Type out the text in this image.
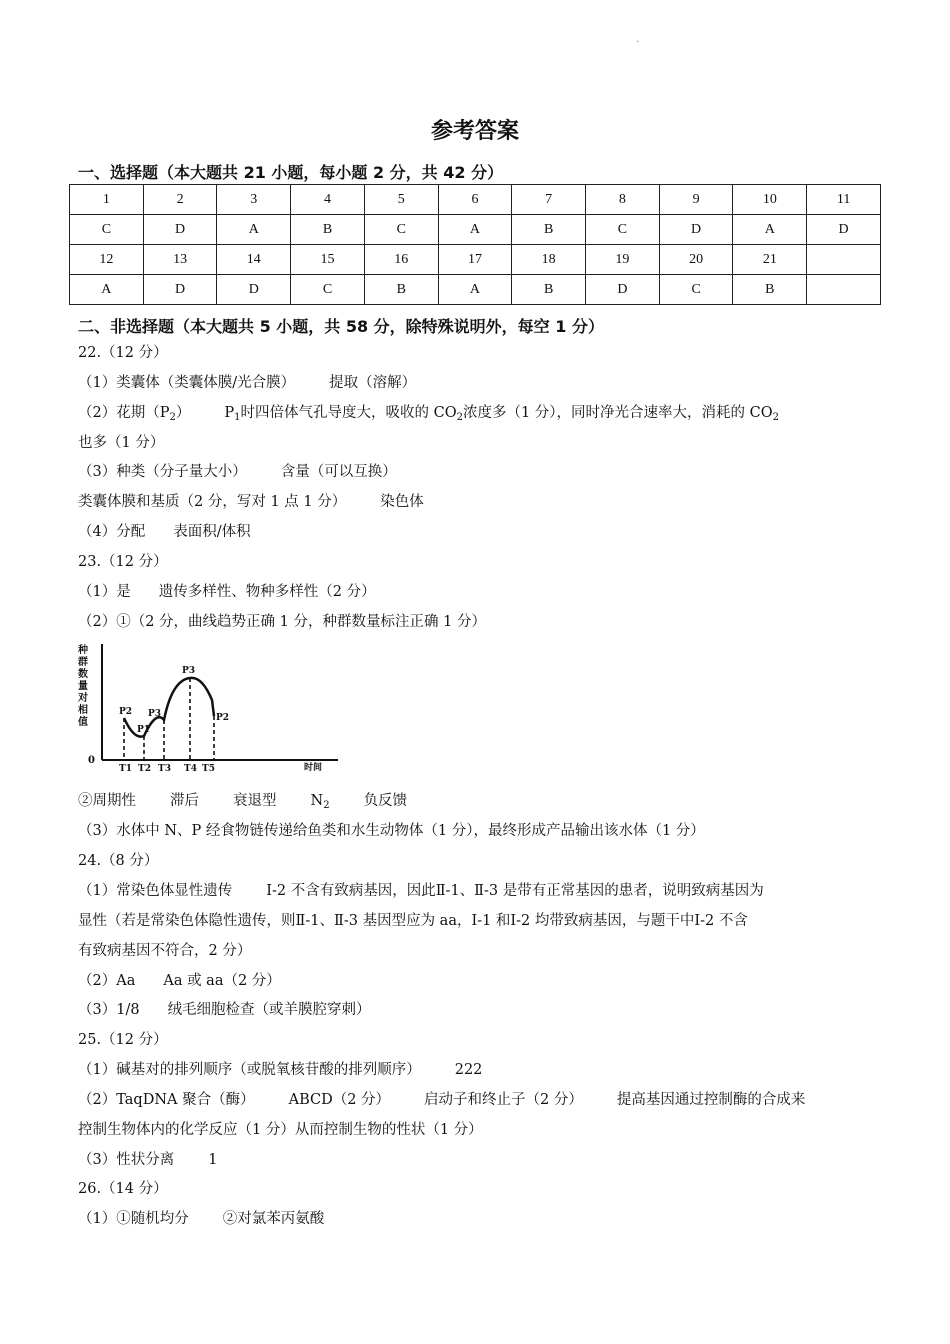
.
参考答案
一、选择题（本大题共 21 小题，每小题 2 分，共 42 分）
1	2	3	4	5	6	7	8	9	10	11
C	D	A	B	C	A	B	C	D	A	D
12	13	14	15	16	17	18	19	20	21	
A	D	D	C	B	A	B	D	C	B	
二、非选择题（本大题共 5 小题，共 58 分，除特殊说明外，每空 1 分）
22.（12 分）
（1）类囊体（类囊体膜/光合膜） 提取（溶解）
（2）花期$(P_2)$ $P_1$时四倍体气孔导度大，吸收的 $CO_2$浓度多（1 分），同时净光合速率大，消耗的 $CO_2$
也多（1 分）
（3）种类（分子量大小） 含量（可以互换）
类囊体膜和基质（2 分，写对 1 点 1 分） 染色体
（4）分配 表面积/体积
23.（12 分）
（1）是 遗传多样性、物种多样性（2 分）
（2）①（2 分，曲线趋势正确 1 分，种群数量标注正确 1 分）
种
群
数
量
对
相
值
0
时间
P2
P1
P3
P3
P2
T1 T2 T3 T4 T5
②周期性 滞后 衰退型 $N_2$ 负反馈
（3）水体中 N、P 经食物链传递给鱼类和水生动物体（1 分），最终形成产品输出该水体（1 分）
24.（8 分）
（1）常染色体显性遗传 Ⅰ-2 不含有致病基因，因此Ⅱ-1、Ⅱ-3 是带有正常基因的患者，说明致病基因为
显性（若是常染色体隐性遗传，则Ⅱ-1、Ⅱ-3 基因型应为 aa，Ⅰ-1 和Ⅰ-2 均带致病基因，与题干中Ⅰ-2 不含
有致病基因不符合，2 分）
（2）Aa Aa 或 aa（2 分）
（3）1/8 绒毛细胞检查（或羊膜腔穿刺）
25.（12 分）
（1）碱基对的排列顺序（或脱氧核苷酸的排列顺序） 222
（2）TaqDNA 聚合（酶） ABCD（2 分） 启动子和终止子（2 分） 提高基因通过控制酶的合成来
控制生物体内的化学反应（1 分）从而控制生物的性状（1 分）
（3）性状分离 1
26.（14 分）
（1）①随机均分 ②对氯苯丙氨酸
